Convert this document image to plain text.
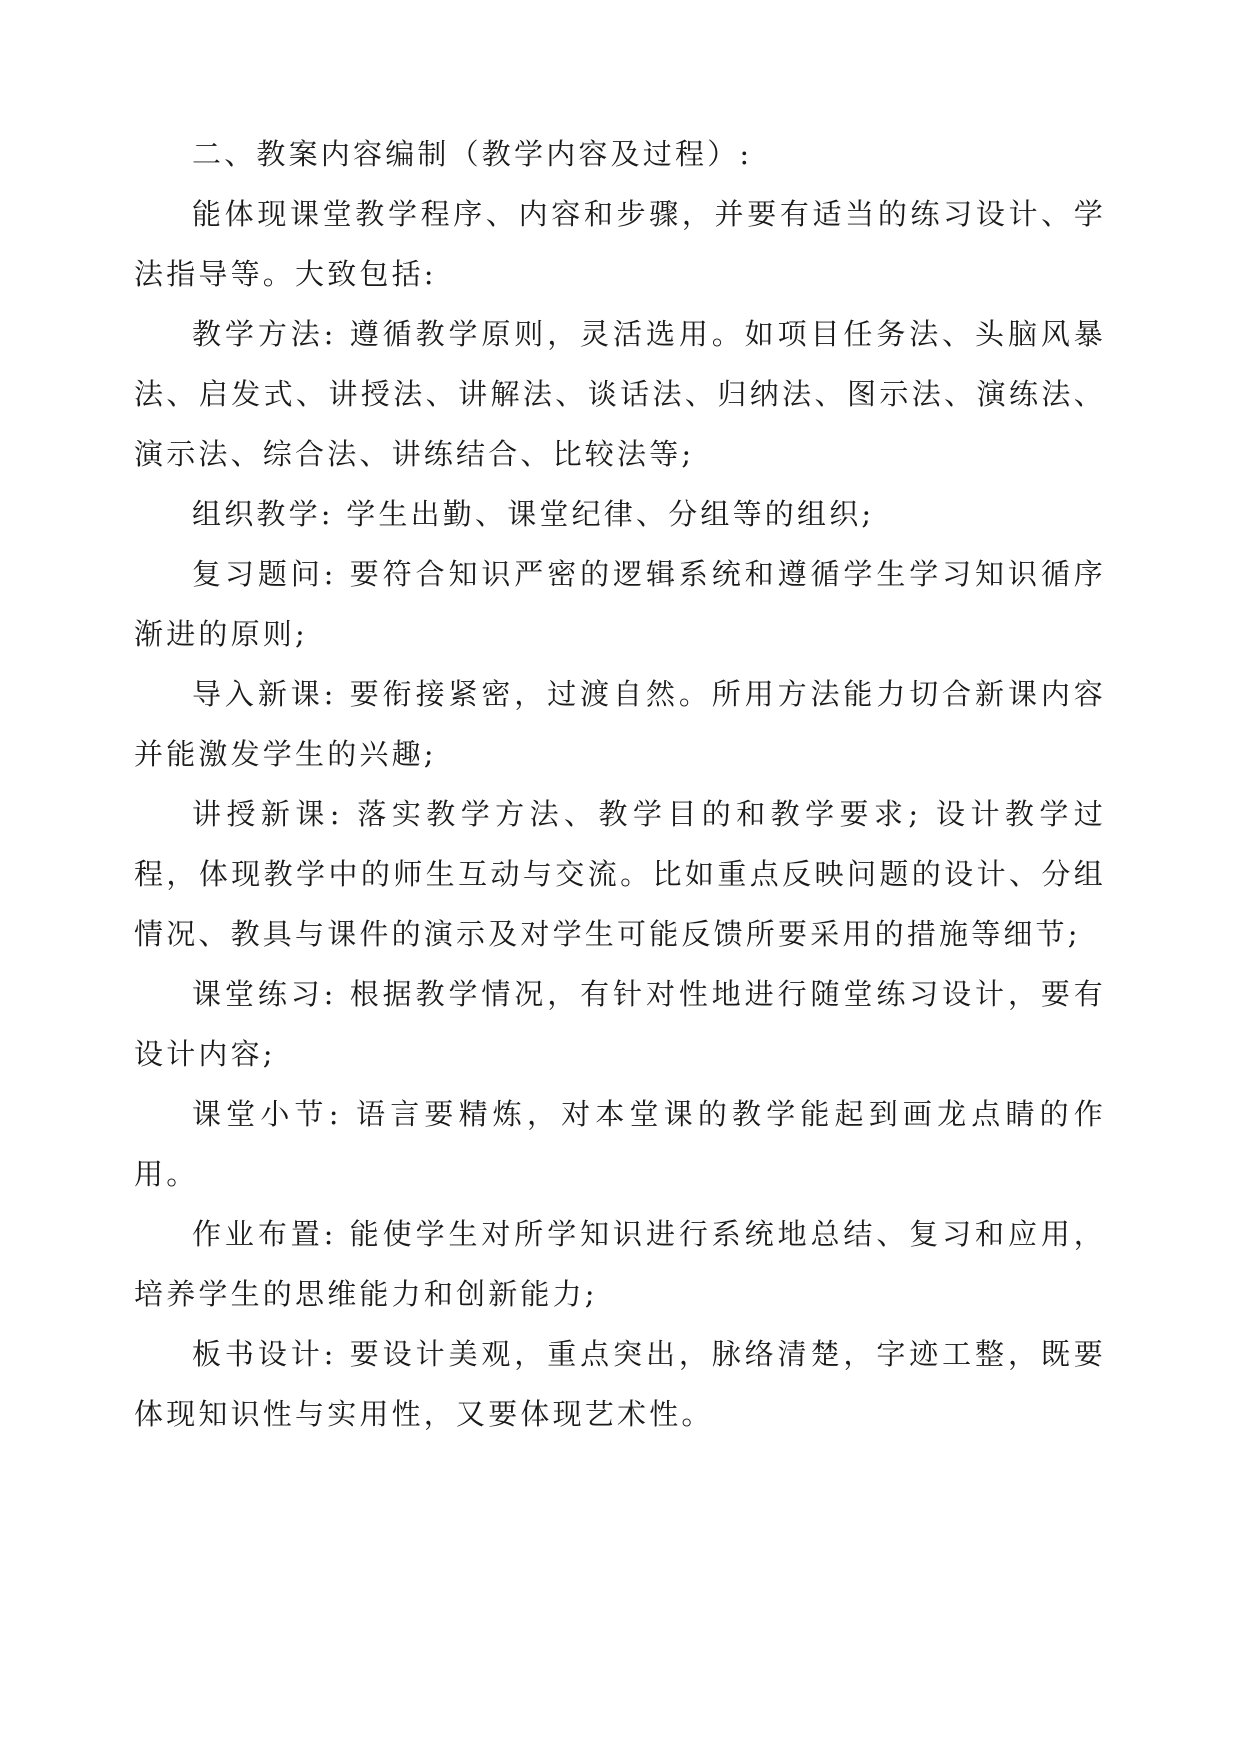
二、教案内容编制（教学内容及过程）:

能体现课堂教学程序、内容和步骤，并要有适当的练习设计、学法指导等。大致包括:

教学方法: 遵循教学原则，灵活选用。如项目任务法、头脑风暴法、启发式、讲授法、讲解法、谈话法、归纳法、图示法、演练法、演示法、综合法、讲练结合、比较法等;

组织教学: 学生出勤、课堂纪律、分组等的组织;

复习题问: 要符合知识严密的逻辑系统和遵循学生学习知识循序渐进的原则;

导入新课: 要衔接紧密，过渡自然。所用方法能力切合新课内容并能激发学生的兴趣;

讲授新课: 落实教学方法、教学目的和教学要求; 设计教学过程，体现教学中的师生互动与交流。比如重点反映问题的设计、分组情况、教具与课件的演示及对学生可能反馈所要采用的措施等细节;

课堂练习: 根据教学情况，有针对性地进行随堂练习设计，要有设计内容;

课堂小节: 语言要精炼，对本堂课的教学能起到画龙点睛的作用。

作业布置: 能使学生对所学知识进行系统地总结、复习和应用，培养学生的思维能力和创新能力;

板书设计: 要设计美观，重点突出，脉络清楚，字迹工整，既要体现知识性与实用性，又要体现艺术性。
